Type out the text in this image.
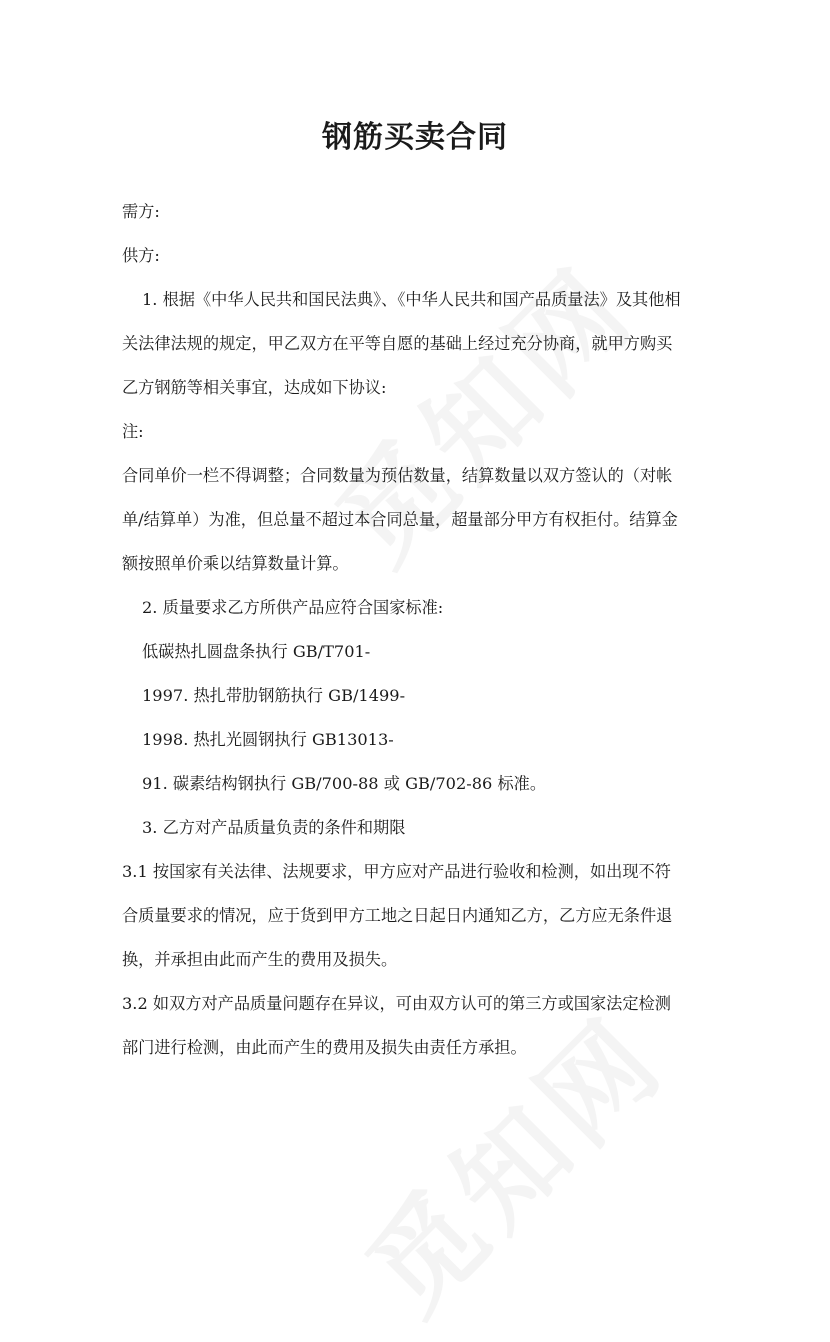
钢筋买卖合同

需方:

供方:

1. 根据《中华人民共和国民法典》、《中华人民共和国产品质量法》及其他相

关法律法规的规定，甲乙双方在平等自愿的基础上经过充分协商，就甲方购买

乙方钢筋等相关事宜，达成如下协议:

注:

合同单价一栏不得调整；合同数量为预估数量，结算数量以双方签认的（对帐

单/结算单）为准，但总量不超过本合同总量，超量部分甲方有权拒付。结算金

额按照单价乘以结算数量计算。

2. 质量要求乙方所供产品应符合国家标准:

低碳热扎圆盘条执行 GB/T701-

1997. 热扎带肋钢筋执行 GB/1499-

1998. 热扎光圆钢执行 GB13013-

91. 碳素结构钢执行 GB/700-88 或 GB/702-86 标准。

3. 乙方对产品质量负责的条件和期限

3.1 按国家有关法律、法规要求，甲方应对产品进行验收和检测，如出现不符

合质量要求的情况，应于货到甲方工地之日起日内通知乙方，乙方应无条件退

换，并承担由此而产生的费用及损失。

3.2 如双方对产品质量问题存在异议，可由双方认可的第三方或国家法定检测

部门进行检测，由此而产生的费用及损失由责任方承担。
